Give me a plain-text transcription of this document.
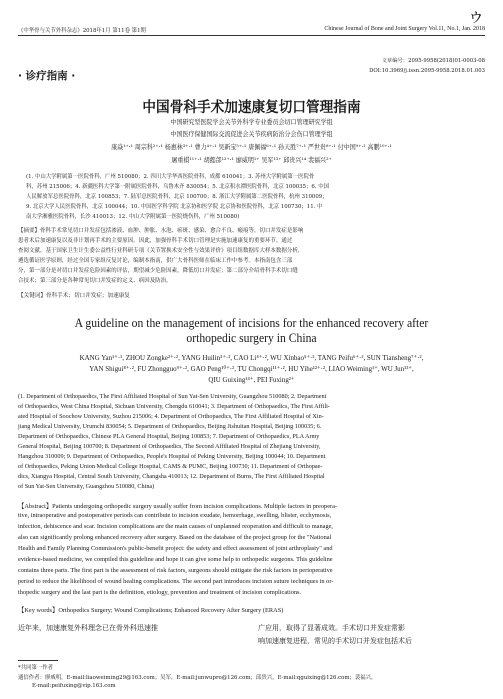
ゥ
《中华骨与关节外科杂志》2018年1月 第11卷 第1期	Chinese Journal of Bone and Joint Surgery Vol.11, No.1, Jan. 2018
文章编号：2095-9958(2018)01-0003-08
DOI:10.3969/j.issn.2095-9958.2018.01.003
· 诊疗指南 ·
中国骨科手术加速康复切口管理指南
中国研究型医院学会关节外科学专业委员会切口管理研究学组
中国医疗保健国际交流促进会关节疾病防治分会伤口管理学组
康焱¹⁺·¹ 周宗科²⁺·¹ 杨惠林³⁺·¹ 曹力⁴⁺·¹ 吴新宝⁵⁺·¹ 唐佩福⁶⁺·¹ 孙天胜⁷⁺·¹ 严世贵⁸⁺·¹ 付中国⁹⁺·¹ 高鹏¹⁰⁺·¹
屠重棋¹¹⁺·¹ 胡懿郃¹²⁺·¹ 廖威明¹⁺ 吴军¹³⁺ 邱贵兴¹⁴ 裴福兴²⁺
(1. 中山大学附属第一医院骨科，广州 510080；2. 四川大学华西医院骨科，成都 610041；3. 苏州大学附属第一医院骨
科，苏州 215006；4. 新疆医科大学第一附属医院骨科，乌鲁木齐 830054；5. 北京积水潭医院骨科，北京 100035；6. 中国
人民解放军总医院骨科，北京 100853；7. 陆军总医院骨科，北京 100700；8. 浙江大学附属第二医院骨科，杭州 310009；
9. 北京大学人民医院骨科，北京 100044；10. 中国医学科学院 北京协和医学院 北京协和医院骨科，北京 100730；11. 中
南大学湘雅医院骨科，长沙 410013；12. 中山大学附属第一医院烧伤科，广州 510080)
【摘要】骨科手术常见切口并发症包括渗液、血肿、肿胀、水泡、瘀斑、感染、愈合不良、瘢痕等，切口并发症是影响
患者术后加速康复以及非计划再手术的主要原因。因此，加强骨科手术切口管理是实施加速康复的重要环节。通过
查阅文献，基于国家卫生计生委公益性行业科研专项《关节置换术安全性与效果评价》项目组数据库大样本数据分析，
遴选循证医学原则，经过全国专家组反复讨论，编制本指南，供广大骨科医师在临床工作中参考。本指南包含三部
分，第一部分是对切口并发症危险因素的评估，期望减少危险因素，降低切口并发症；第二部分介绍骨科手术切口缝
合技术；第三部分是各种常见切口并发症的定义、病因及防治。
【关键词】骨科手术；切口并发症；加速康复
A guideline on the management of incisions for the enhanced recovery after
orthopedic surgery in China
KANG Yan¹⁺·¹, ZHOU Zongke²⁺·², YANG Huilin³⁺·², CAO Li⁴⁺·², WU Xinbao⁵⁺·², TANG Peifu⁶⁺·², SUN Tiansheng⁷⁺·²,
YAN Shigui⁸⁺·², FU Zhongguo⁹⁺·², GAO Peng¹⁰⁺·², TU Chongqi¹¹⁺·², HU Yihe¹²⁺·², LIAO Weiming¹⁺, WU Jun¹³⁺,
QIU Guixing¹⁴⁺, PEI Fuxing²⁺
(1. Department of Orthopaedics, The First Affiliated Hospital of Sun Yat-Sen University, Guangzhou 510080; 2. Department
of Orthopaedics, West China Hospital, Sichuan University, Chengdu 610041; 3. Department of Orthopaedics, The First Affili-
ated Hospital of Soochow University, Suzhou 215006; 4. Department of Orthopaedics, The First Affiliated Hospital of Xin-
jiang Medical University, Urumchi 830054; 5. Department of Orthopaedics, Beijing Jishuitan Hospital, Beijing 100035; 6.
Department of Orthopaedics, Chinese PLA General Hospital, Beijing 100853; 7. Department of Orthopaedics, PLA Army
General Hospital, Beijing 100700; 8. Department of Orthopaedics, The Second Affiliated Hospital of Zhejiang University,
Hangzhou 310009; 9. Department of Orthopaedics, People's Hospital of Peking University, Beijing 100044; 10. Department
of Orthopaedics, Peking Union Medical College Hospital, CAMS & PUMC, Beijing 100730; 11. Department of Orthopae-
dics, Xiangya Hospital, Central South University, Changsha 410013; 12. Department of Burns, The First Affiliated Hospital
of Sun Yat-Sen University, Guangzhou 510080, China)
【Abstract】Patients undergoing orthopedic surgery usually suffer from incision complications. Multiple factors in preopera-
tive, intraoperative and postoperative periods can contribute to incision exudate, hemorrhage, swelling, blister, ecchymosis,
infection, dehiscence and scar. Incision complications are the main causes of unplanned reoperation and difficult to manage,
also can significantly prolong enhanced recovery after surgery. Based on the database of the project group for the "National
Health and Family Planning Commission's public-benefit project: the safety and effect assessment of joint arthroplasty" and
evidence-based medicine, we compiled this guideline and hope it can give some help to orthopedic surgeons. This guideline
contains three parts. The first part is the assessment of risk factors, surgeons should mitigate the risk factors in perioperative
period to reduce the likelihood of wound healing complications. The second part introduces incision suture techniques in or-
thopedic surgery and the last part is the definition, etiology, prevention and treatment of incision complications.
【Key words】Orthopedics Surgery; Wound Complications; Enhanced Recovery After Surgery (ERAS)
近年来，加速康复外科理念已在骨外科迅速推	广应用，取得了显著成效。手术切口并发症常影
响加速康复进程，常见的手术切口并发症包括术后
*共同第一作者
通信作者：廖威明，E-mail:liaoweiming29@163.com；吴军，E-mail:junwupro@126.com；邱贵兴，E-mail:qguixing@126.com；裴福兴，
E-mail:peifuxing@vip.163.com
